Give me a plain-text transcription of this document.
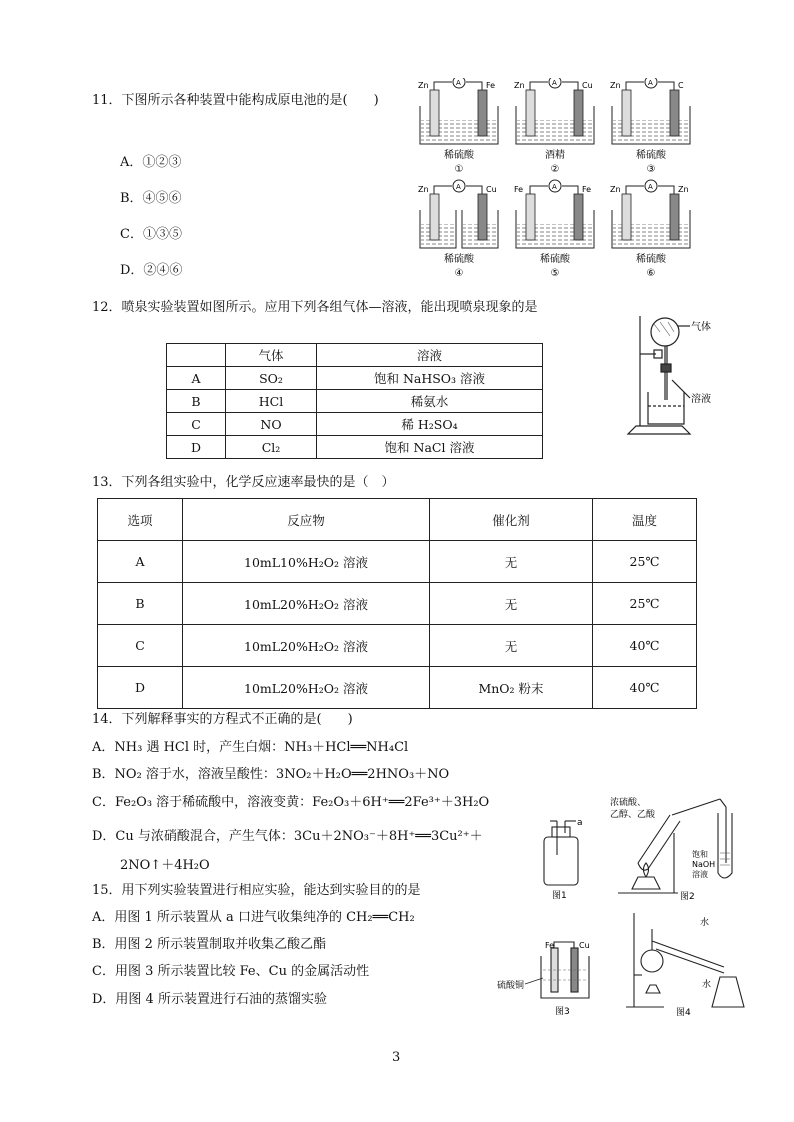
11．下图所示各种装置中能构成原电池的是(　　)
A．①②③
B．④⑤⑥
C．①③⑤
D．②④⑥
A
Zn	Fe
稀硫酸
①
A
Zn	Cu
酒精
②
A
Zn	C
稀硫酸
③
A
Zn	Cu
稀硫酸
④
A
Fe	Fe
稀硫酸
⑤
A
Zn	Zn
稀硫酸
⑥
12．喷泉实验装置如图所示。应用下列各组气体—溶液，能出现喷泉现象的是
	气体	溶液
A	SO₂	饱和 NaHSO₃ 溶液
B	HCl	稀氨水
C	NO	稀 H₂SO₄
D	Cl₂	饱和 NaCl 溶液
气体
溶液
13．下列各组实验中，化学反应速率最快的是（　）
选项	反应物	催化剂	温度
A	10mL10%H₂O₂ 溶液	无	25℃
B	10mL20%H₂O₂ 溶液	无	25℃
C	10mL20%H₂O₂ 溶液	无	40℃
D	10mL20%H₂O₂ 溶液	MnO₂ 粉末	40℃
14．下列解释事实的方程式不正确的是(　　)
A．NH₃ 遇 HCl 时，产生白烟：NH₃＋HCl══NH₄Cl
B．NO₂ 溶于水，溶液呈酸性：3NO₂＋H₂O══2HNO₃＋NO
C．Fe₂O₃ 溶于稀硫酸中，溶液变黄：Fe₂O₃＋6H⁺══2Fe³⁺＋3H₂O
D．Cu 与浓硝酸混合，产生气体：3Cu＋2NO₃⁻＋8H⁺══3Cu²⁺＋
2NO↑＋4H₂O
15．用下列实验装置进行相应实验，能达到实验目的的是
A．用图 1 所示装置从 a 口进气收集纯净的 CH₂══CH₂
B．用图 2 所示装置制取并收集乙酸乙酯
C．用图 3 所示装置比较 Fe、Cu 的金属活动性
D．用图 4 所示装置进行石油的蒸馏实验
a
图1
浓硫酸、
乙醇、乙酸
饱和
NaOH
溶液
图2
Fe	Cu
硫酸铜
图3
水
水
图4
3
